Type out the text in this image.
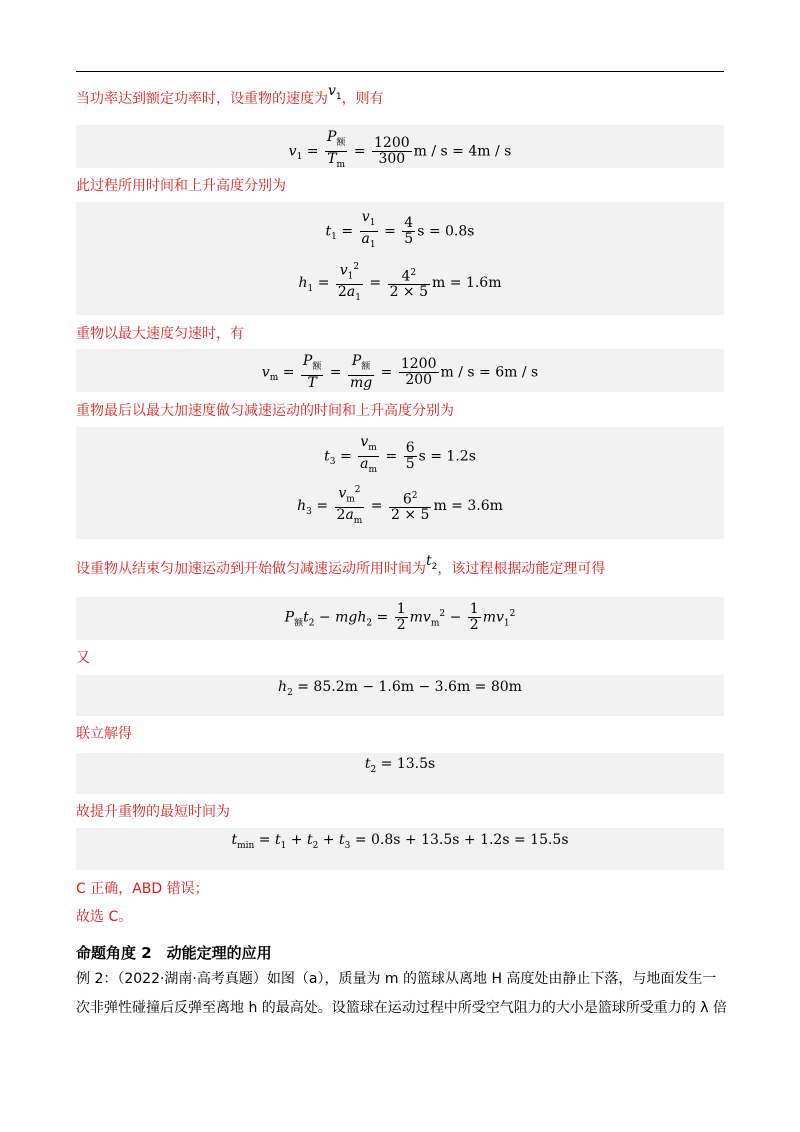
当功率达到额定功率时，设重物的速度为$v_1$，则有
$v_1 = \frac{P_额}{T_m} = \frac{1200}{300}$ m / s = 4m / s
此过程所用时间和上升高度分别为
$t_1 = \frac{v_1}{a_1} = \frac{4}{5}$ s = 0.8s
$h_1 = \frac{v_1^2}{2a_1} = \frac{4^2}{2 \times 5}$ m = 1.6m
重物以最大速度匀速时，有
$v_m = \frac{P_额}{T} = \frac{P_额}{mg} = \frac{1200}{200}$ m / s = 6m / s
重物最后以最大加速度做匀减速运动的时间和上升高度分别为
$t_3 = \frac{v_m}{a_m} = \frac{6}{5}$ s = 1.2s
$h_3 = \frac{v_m^2}{2a_m} = \frac{6^2}{2 \times 5}$ m = 3.6m
设重物从结束匀加速运动到开始做匀减速运动所用时间为$t_2$，该过程根据动能定理可得
$P_额t_2 - mgh_2 = \frac{1}{2} mv_m^2 - \frac{1}{2} mv_1^2$
又
$h_2 = 85.2m - 1.6m - 3.6m = 80m$
联立解得
$t_2 = 13.5s$
故提升重物的最短时间为
$t_{min} = t_1 + t_2 + t_3 = 0.8s + 13.5s + 1.2s = 15.5s$
C 正确，ABD 错误；
故选 C。
命题角度 2　动能定理的应用
例 2：（2022·湖南·高考真题）如图（a），质量为 m 的篮球从离地 H 高度处由静止下落，与地面发生一
次非弹性碰撞后反弹至离地 h 的最高处。设篮球在运动过程中所受空气阻力的大小是篮球所受重力的 λ 倍
